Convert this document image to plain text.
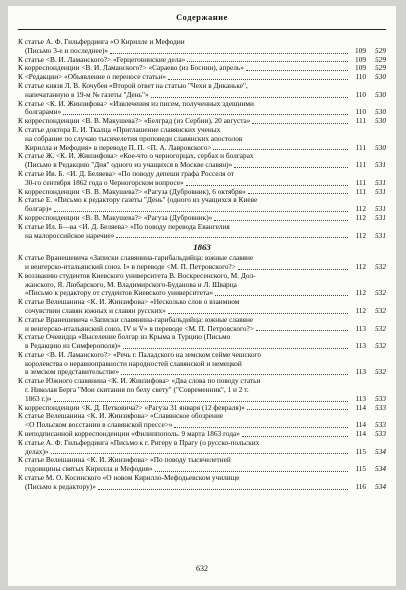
Содержание
К статье А. Ф. Гильфердинга «О Кирилле и Мефодии
(Письмо 3-е и последнее)»	109	529
К статье <В. И. Ламанского?> «Герцеговинские дела»	109	529
К корреспонденции <В. И. Ламанского?> «Сараево (из Боснии), апрель»	109	529
К <Редакции> «Объявление о переносе статьи»	110	530
К статье князя Л. В. Кочубея «Второй ответ на статью "Чехи в Диканьке",
напечатанную в 19-м № газеты "День"»	110	530
К статье <К. И. Жинзифова> «Извлечения из писем, полученных здешними
болгарами»	110	530
К корреспонденции <В. В. Макушева?> «Белград (из Сербии), 20 августа»	111	530
К статье доктора Е. И. Ткалца «Приглашение славянских ученых
на собрание по случаю тысячелетия проповеди славянских апостолов
Кирилла и Мефодия» в переводе П. П. <П. А. Лавровского>	111	530
К статье Ж. <К. И. Жинзифова> «Кое-что о черногорцах, сербах и болгарах
(Письмо в Редакцию "Дня" одного из учащихся в Москве славян)»	111	531
К статье Ив. Б. <И. Д. Беляева> «По поводу депеши графа Росселя от
30-го сентября 1862 года о Черногорском вопросе»	111	531
К корреспонденции <В. В. Макушева?> «Рагуза (Дубровник), 6 октября»	111	531
К статье Е. «Письмо к редактору газеты "День" (одного из учащихся в Киеве
болгар)»	112	531
К корреспонденции <В. В. Макушева?> «Рагуза (Дубровник)»	112	531
К статье Ил. Б—ва <И. Д. Беляева> «По поводу перевода Евангелия
на малороссийское наречие»	112	531
1863
К статье Вранешевича «Записки славянина-гарибальдийца: южные славяне
и венгерско-итальянский союз. I» в переводе <М. П. Петровского?>	112	532
К воззванию студентов Киевского университета В. Воскресенского, М. Дол-
жанского, Я. Любарского, М. Владимирского-Буданова и Л. Шварца
«Письмо к редактору от студентов Киевского университета»	112	532
К статье Велешанина <К. И. Жинзифова> «Несколько слов о взаимном
сочувствии славян южных и славян русских»	112	532
К статье Вранешевича «Записки славянина-гарибальдийца: южные славяне
и венгерско-итальянский союз. IV и V» в переводе <М. П. Петровского?>	113	532
К статье Очевидца «Выселение болгар из Крыма в Турцию (Письмо
в Редакцию из Симферополя)»	113	532
К статье <В. И. Ламанского?> «Речь г. Паладского на земском сейме чешского
королевства о неравноправности народностей славянской и немецкой
в земском представительстве»	113	532
К статье Южного славянина <К. И. Жинзифова> «Два слова по поводу статьи
г. Николая Берга "Мои скитания по белу свету" ("Современник", 1 и 2 т.
1863 г.)»	113	533
К корреспонденции <К. Д. Петковича?> «Рагуза 31 января (12 февраля)»	114	533
К статье Велешанина <К. И. Жинзифова> «Славянское обозрение
<О Польском восстании в славянской прессе>»	114	533
К неподписанной корреспонденции «Филиппополь. 9 марта 1863 года»	114	533
К статье А. Ф. Гильфердинга «Письмо к г. Ригеру в Прагу (о русско-польских
делах)»	115	534
К статье Велешанина <К. И. Жинзифова> «По поводу тысячелетней
годовщины святых Кирилла и Мефодия»	115	534
К статье М. О. Косинского «О новом Кирилло-Мефодьевском училище
(Письмо к редактору)»	116	534
632
